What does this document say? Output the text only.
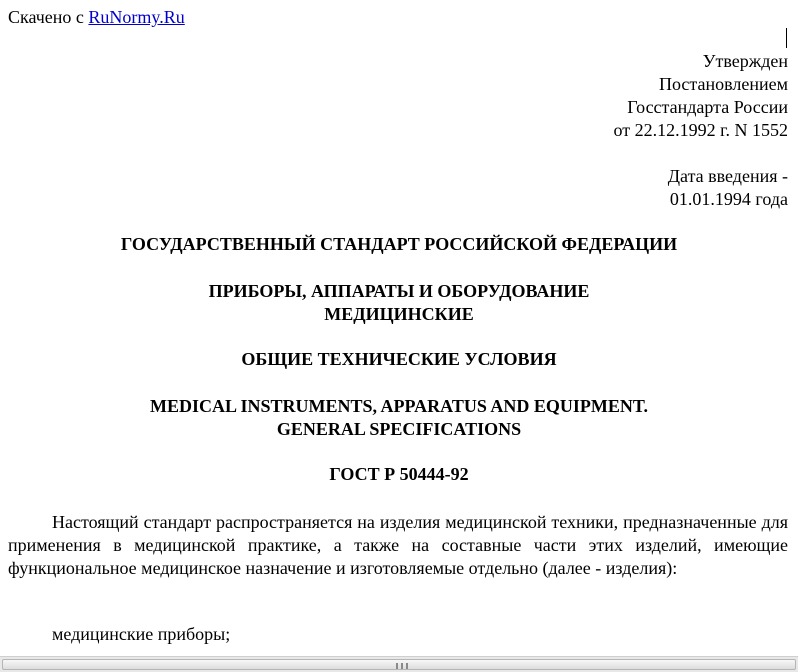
Скачено с RuNormy.Ru
Утвержден
Постановлением
Госстандарта России
от 22.12.1992 г. N 1552
Дата введения -
01.01.1994 года
ГОСУДАРСТВЕННЫЙ СТАНДАРТ РОССИЙСКОЙ ФЕДЕРАЦИИ
ПРИБОРЫ, АППАРАТЫ И ОБОРУДОВАНИЕ
МЕДИЦИНСКИЕ
ОБЩИЕ ТЕХНИЧЕСКИЕ УСЛОВИЯ
MEDICAL INSTRUMENTS, APPARATUS AND EQUIPMENT.
GENERAL SPECIFICATIONS
ГОСТ Р 50444-92
Настоящий стандарт распространяется на изделия медицинской техники, предназначенные для применения в медицинской практике, а также на составные части этих изделий, имеющие функциональное медицинское назначение и изготовляемые отдельно (далее - изделия):
медицинские приборы;
